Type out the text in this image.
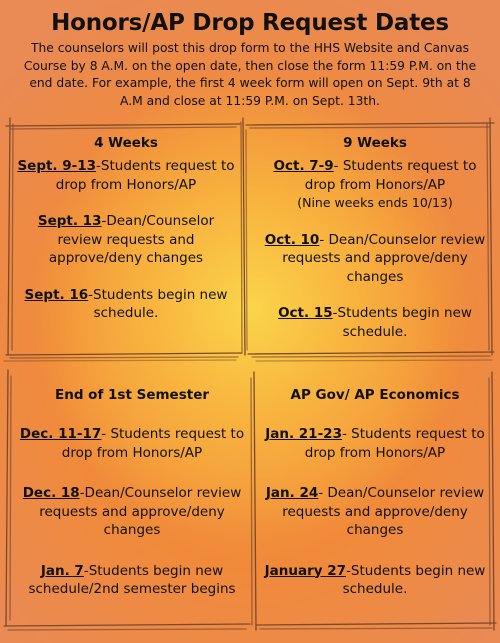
Honors/AP Drop Request Dates

The counselors will post this drop form to the HHS Website and Canvas Course by 8 A.M. on the open date, then close the form 11:59 P.M. on the end date. For example, the first 4 week form will open on Sept. 9th at 8 A.M and close at 11:59 P.M. on Sept. 13th.

4 Weeks

Sept. 9-13-Students request to drop from Honors/AP

Sept. 13-Dean/Counselor review requests and approve/deny changes

Sept. 16-Students begin new schedule.

9 Weeks

Oct. 7-9- Students request to drop from Honors/AP
(Nine weeks ends 10/13)

Oct. 10- Dean/Counselor review requests and approve/deny changes

Oct. 15-Students begin new schedule.

End of 1st Semester

Dec. 11-17- Students request to drop from Honors/AP

Dec. 18-Dean/Counselor review requests and approve/deny changes

Jan. 7-Students begin new schedule/2nd semester begins

AP Gov/ AP Economics

Jan. 21-23- Students request to drop from Honors/AP

Jan. 24- Dean/Counselor review requests and approve/deny changes

January 27-Students begin new schedule.
